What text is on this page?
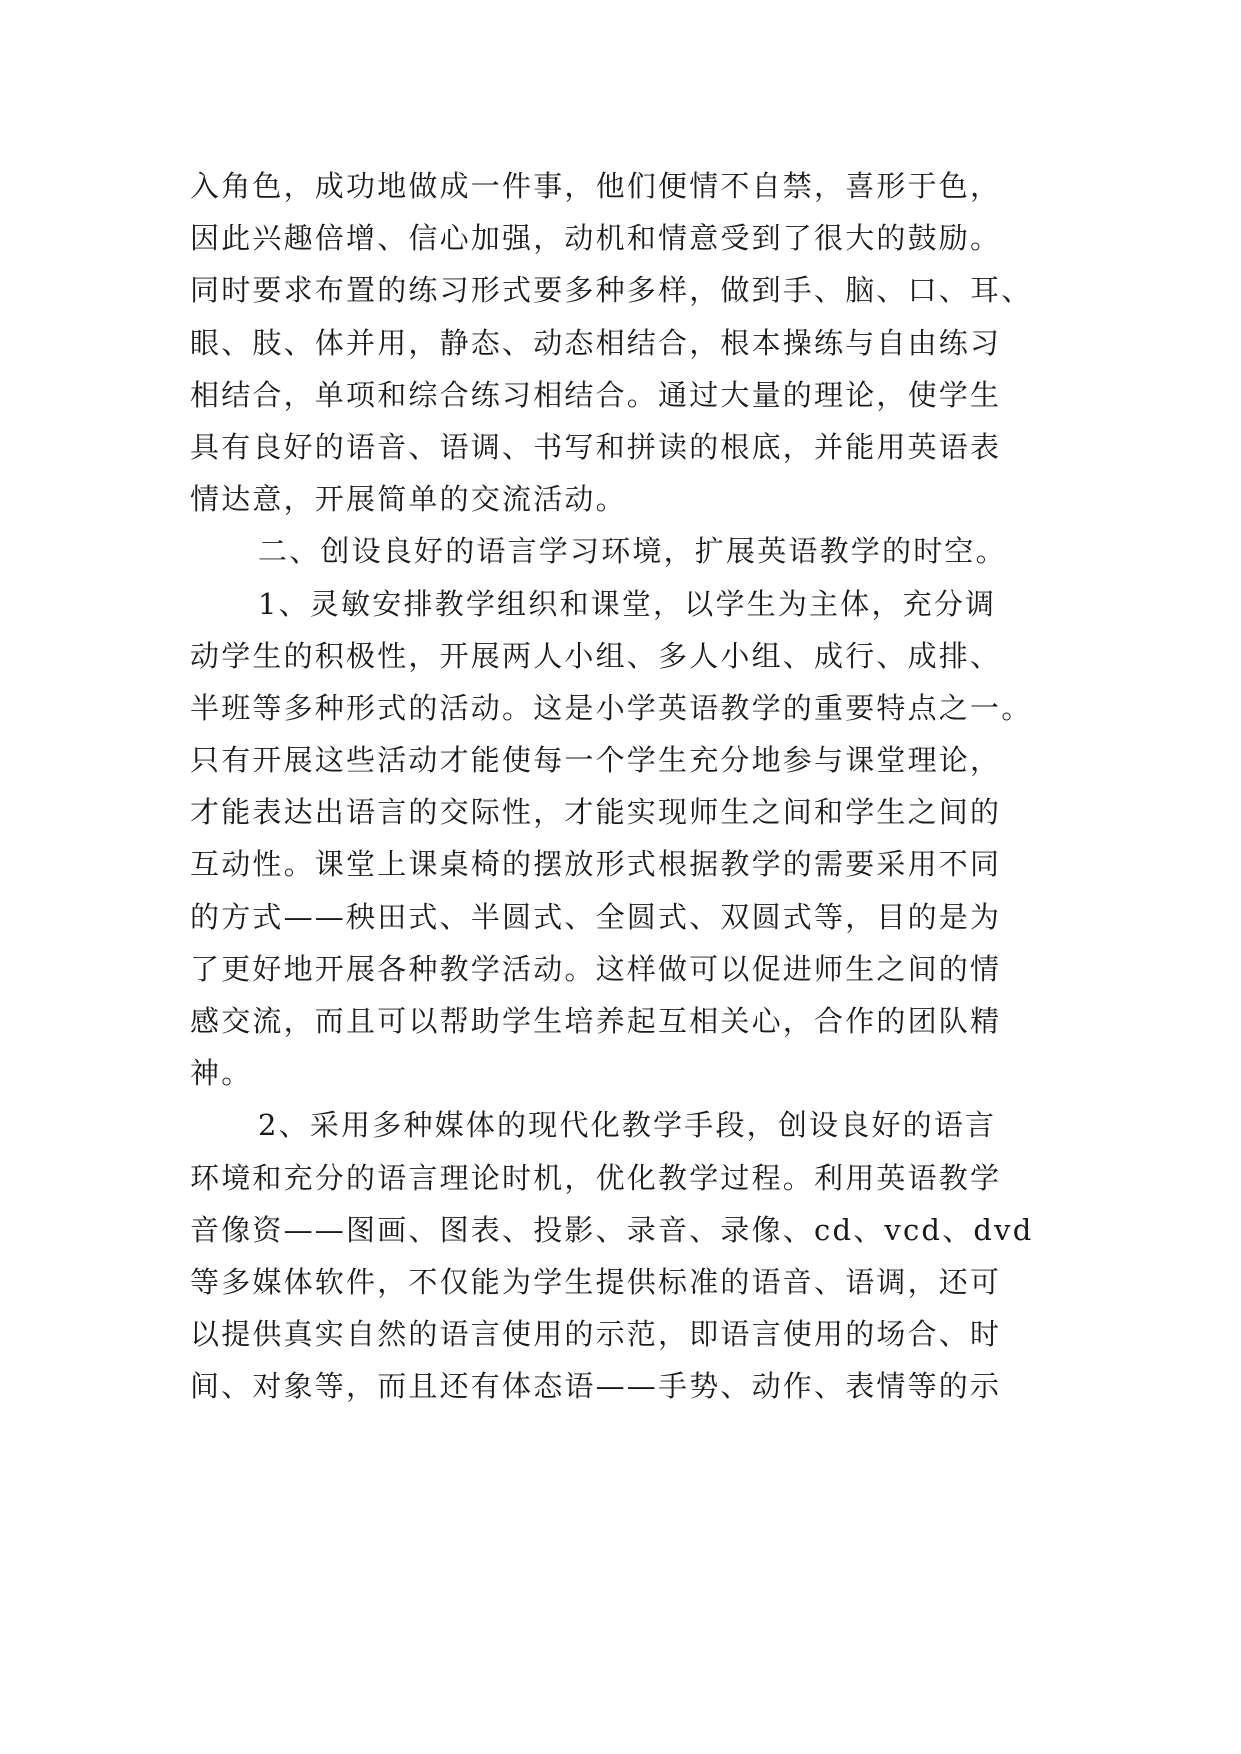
入角色，成功地做成一件事，他们便情不自禁，喜形于色，
因此兴趣倍增、信心加强，动机和情意受到了很大的鼓励。
同时要求布置的练习形式要多种多样，做到手、脑、口、耳、
眼、肢、体并用，静态、动态相结合，根本操练与自由练习
相结合，单项和综合练习相结合。通过大量的理论，使学生
具有良好的语音、语调、书写和拼读的根底，并能用英语表
情达意，开展简单的交流活动。
二、创设良好的语言学习环境，扩展英语教学的时空。
1、灵敏安排教学组织和课堂，以学生为主体，充分调
动学生的积极性，开展两人小组、多人小组、成行、成排、
半班等多种形式的活动。这是小学英语教学的重要特点之一。
只有开展这些活动才能使每一个学生充分地参与课堂理论，
才能表达出语言的交际性，才能实现师生之间和学生之间的
互动性。课堂上课桌椅的摆放形式根据教学的需要采用不同
的方式——秧田式、半圆式、全圆式、双圆式等，目的是为
了更好地开展各种教学活动。这样做可以促进师生之间的情
感交流，而且可以帮助学生培养起互相关心，合作的团队精
神。
2、采用多种媒体的现代化教学手段，创设良好的语言
环境和充分的语言理论时机，优化教学过程。利用英语教学
音像资——图画、图表、投影、录音、录像、cd、vcd、dvd
等多媒体软件，不仅能为学生提供标准的语音、语调，还可
以提供真实自然的语言使用的示范，即语言使用的场合、时
间、对象等，而且还有体态语——手势、动作、表情等的示
